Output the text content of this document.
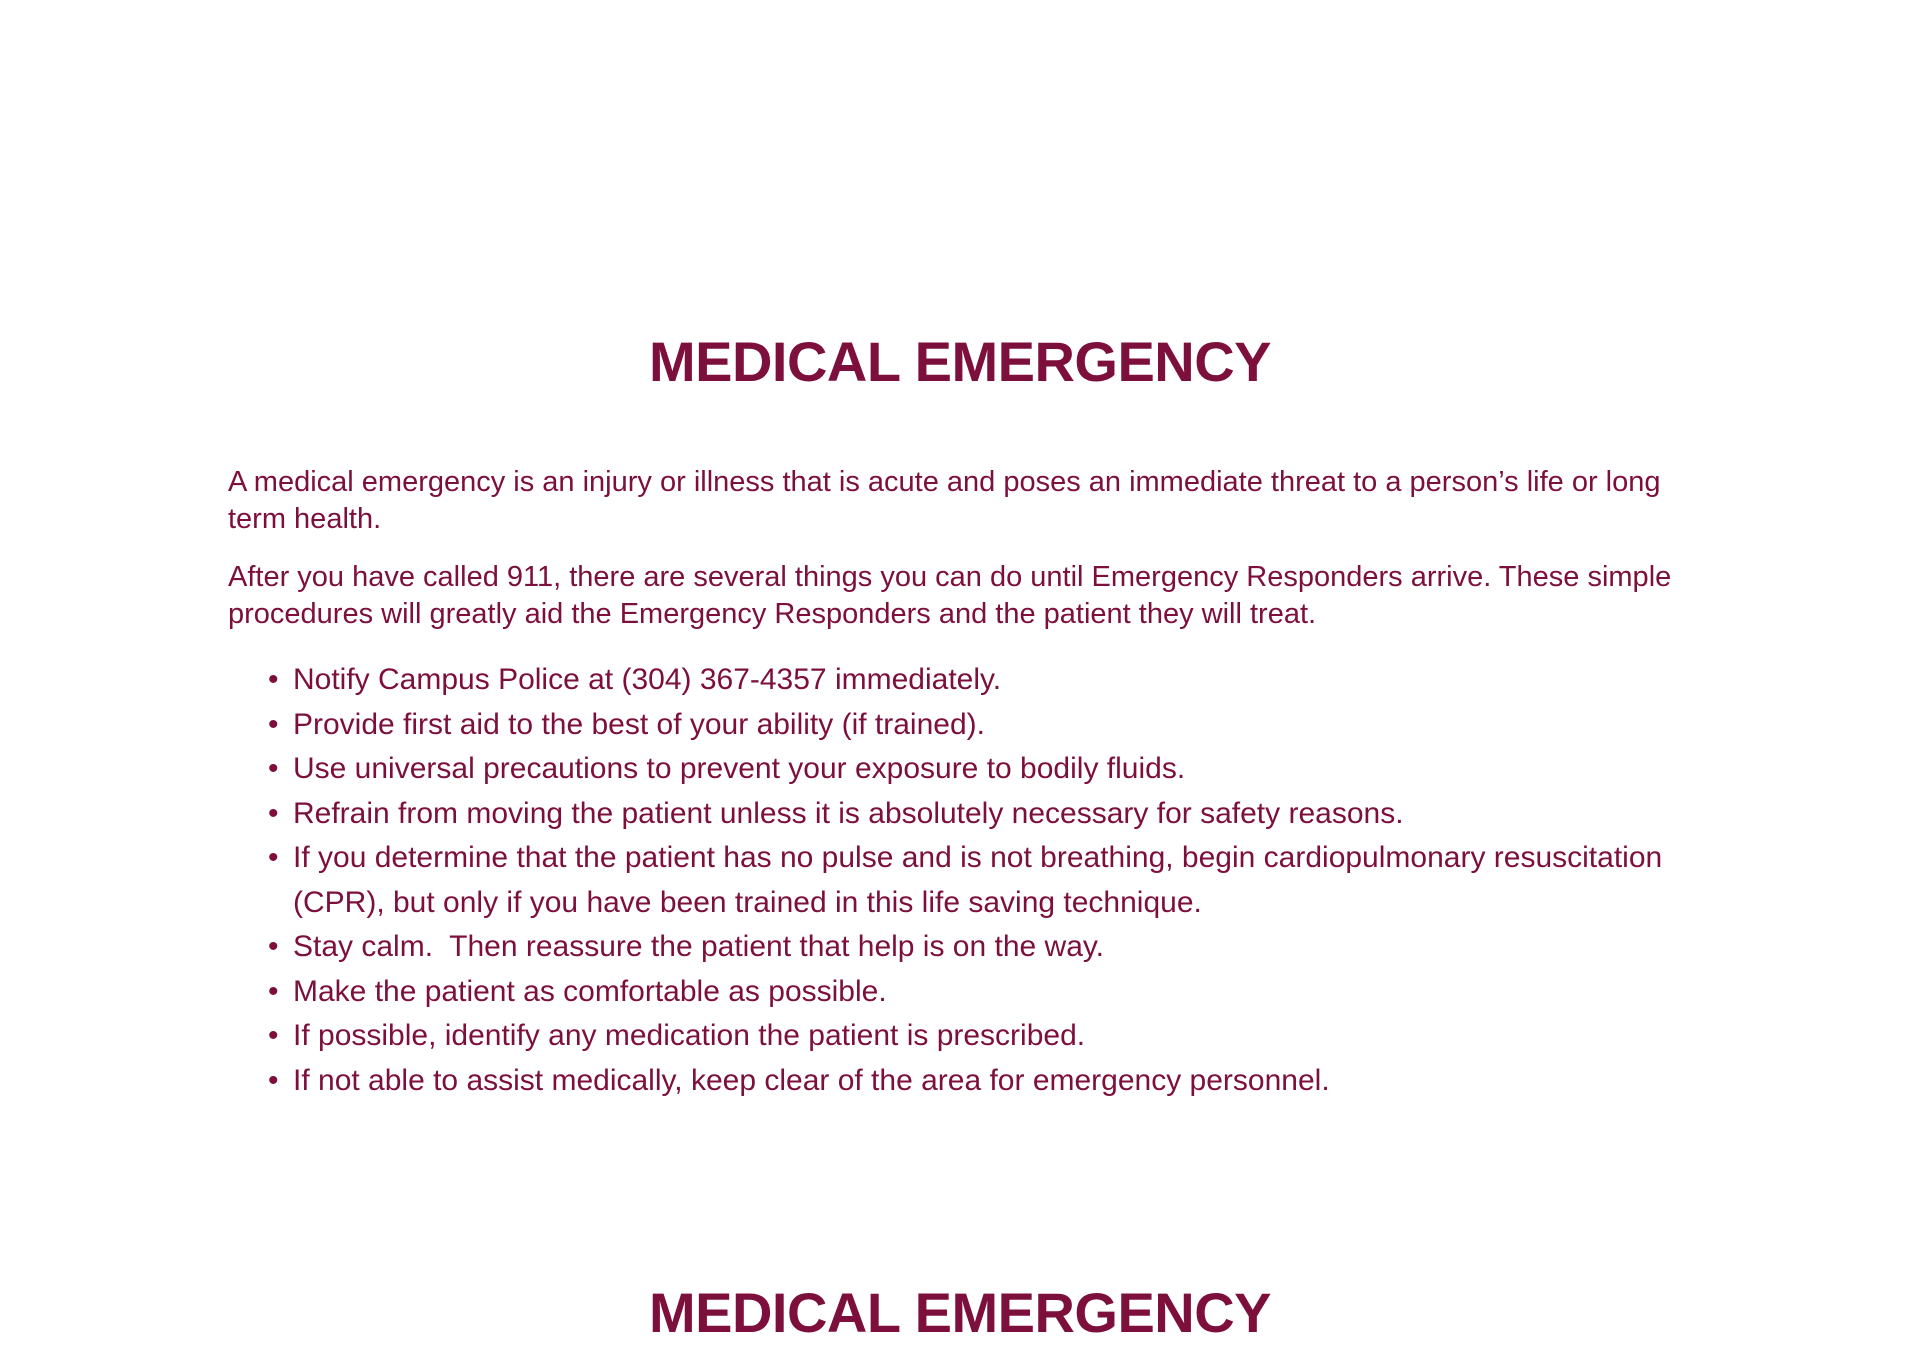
MEDICAL EMERGENCY

A medical emergency is an injury or illness that is acute and poses an immediate threat to a person’s life or long term health.

After you have called 911, there are several things you can do until Emergency Responders arrive. These simple procedures will greatly aid the Emergency Responders and the patient they will treat.

• Notify Campus Police at (304) 367-4357 immediately.
• Provide first aid to the best of your ability (if trained).
• Use universal precautions to prevent your exposure to bodily fluids.
• Refrain from moving the patient unless it is absolutely necessary for safety reasons.
• If you determine that the patient has no pulse and is not breathing, begin cardiopulmonary resuscitation (CPR), but only if you have been trained in this life saving technique.
• Stay calm.  Then reassure the patient that help is on the way.
• Make the patient as comfortable as possible.
• If possible, identify any medication the patient is prescribed.
• If not able to assist medically, keep clear of the area for emergency personnel.
MEDICAL EMERGENCY
